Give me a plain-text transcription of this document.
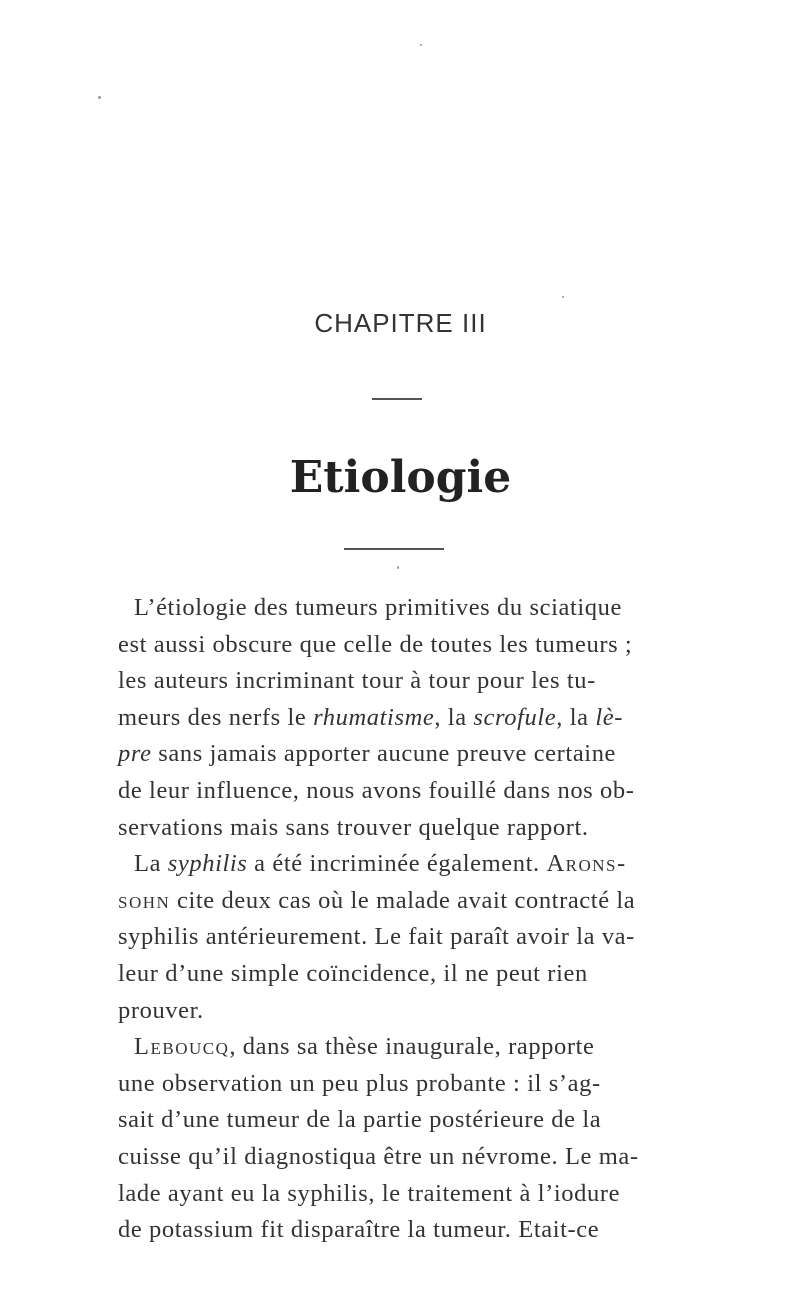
CHAPITRE III
Etiologie

L’étiologie des tumeurs primitives du sciatique
est aussi obscure que celle de toutes les tumeurs ;
les auteurs incriminant tour à tour pour les tu-
meurs des nerfs le rhumatisme, la scrofule, la lè-
pre sans jamais apporter aucune preuve certaine
de leur influence, nous avons fouillé dans nos ob-
servations mais sans trouver quelque rapport.

La syphilis a été incriminée également. Arons-
sohn cite deux cas où le malade avait contracté la
syphilis antérieurement. Le fait paraît avoir la va-
leur d’une simple coïncidence, il ne peut rien
prouver.

Leboucq, dans sa thèse inaugurale, rapporte
une observation un peu plus probante : il s’ag-
sait d’une tumeur de la partie postérieure de la
cuisse qu’il diagnostiqua être un névrome. Le ma-
lade ayant eu la syphilis, le traitement à l’iodure
de potassium fit disparaître la tumeur. Etait-ce
